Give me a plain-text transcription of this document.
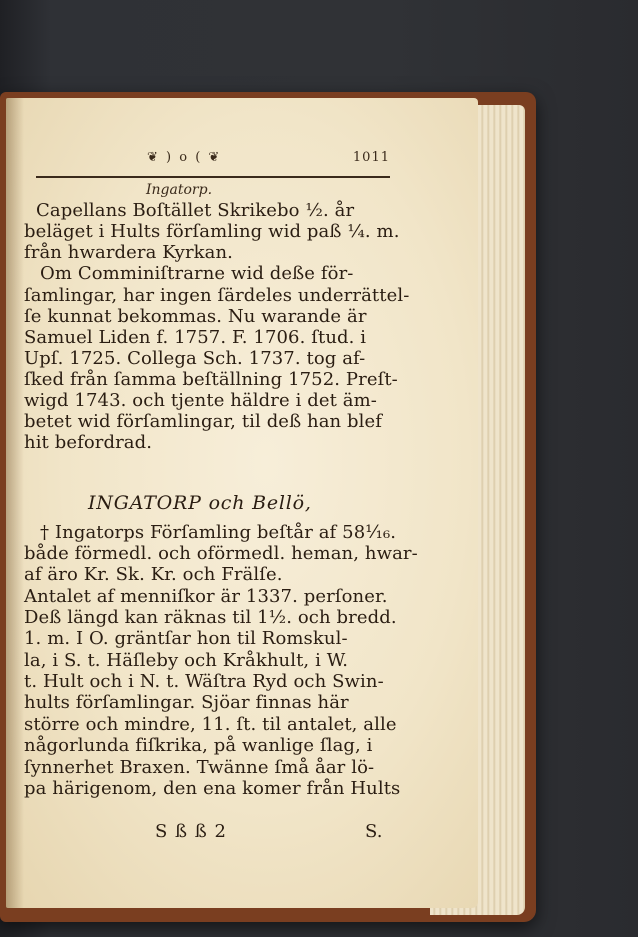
❦ ) o ( ❦	1011
Ingatorp.
Capellans Boſtället Skrikebo ½. år
beläget i Hults förſamling wid paß ¼. m.
från hwardera Kyrkan.
Om Comminiſtrarne wid deße för-
ſamlingar, har ingen ſärdeles underrättel-
ſe kunnat bekommas. Nu warande är
Samuel Liden f. 1757. F. 1706. ſtud. i
Upſ. 1725. Collega Sch. 1737. tog af-
ſked från ſamma beſtällning 1752. Preſt-
wigd 1743. och tjente häldre i det äm-
betet wid förſamlingar, til deß han blef
hit befordrad.
INGATORP och Bellö,
† Ingatorps Förſamling beſtår af 58¹⁄₁₆.
både förmedl. och oförmedl. heman, hwar-
af äro Kr. Sk. Kr. och Frälſe.
Antalet af menniſkor är 1337. perſoner.
Deß längd kan räknas til 1½. och bredd.
1. m. I O. gräntſar hon til Romskul-
la, i S. t. Häſleby och Kråkhult, i W.
t. Hult och i N. t. Wäſtra Ryd och Swin-
hults förſamlingar. Sjöar finnas här
större och mindre, 11. ſt. til antalet, alle
någorlunda fiſkrika, på wanlige ſlag, i
ſynnerhet Braxen. Twänne ſmå åar lö-
pa härigenom, den ena komer från Hults
S ß ß 2	S.
